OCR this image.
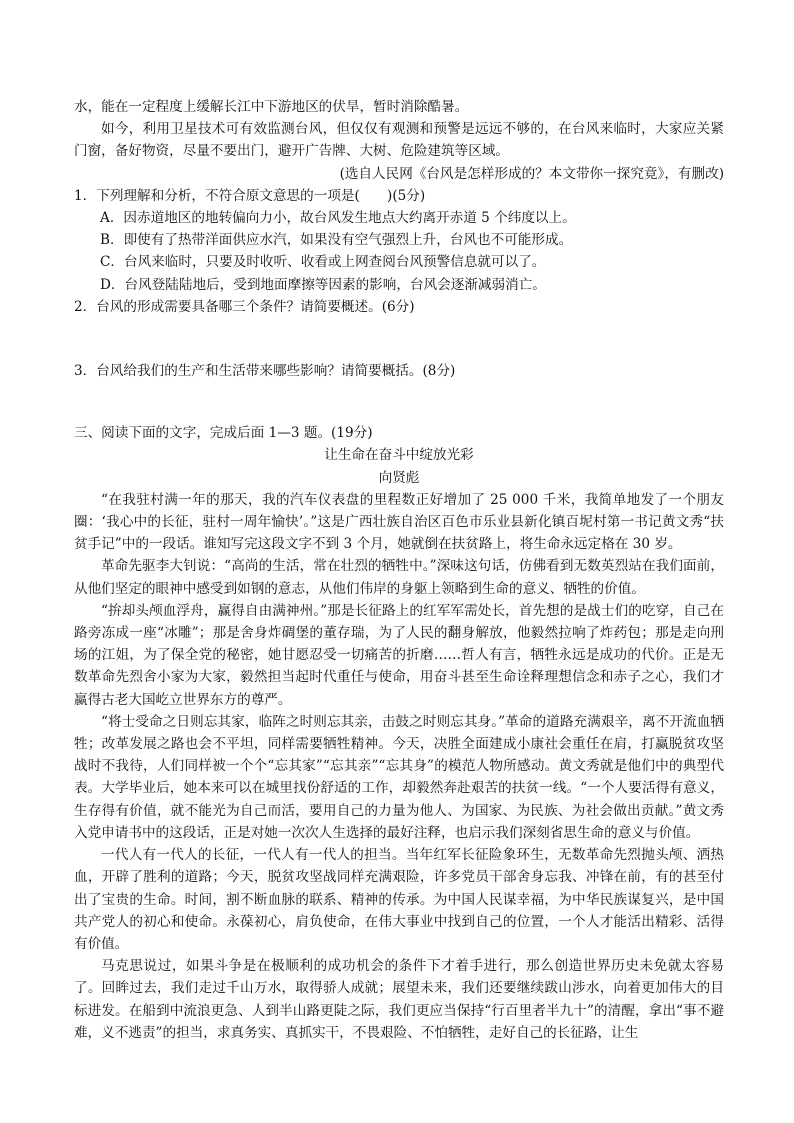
水，能在一定程度上缓解长江中下游地区的伏旱，暂时消除酷暑。

如今，利用卫星技术可有效监测台风，但仅仅有观测和预警是远远不够的，在台风来临时，大家应关紧门窗，备好物资，尽量不要出门，避开广告牌、大树、危险建筑等区域。

(选自人民网《台风是怎样形成的？本文带你一探究竟》，有删改)

1．下列理解和分析，不符合原文意思的一项是(　　)(5分)

A．因赤道地区的地转偏向力小，故台风发生地点大约离开赤道 5 个纬度以上。

B．即使有了热带洋面供应水汽，如果没有空气强烈上升，台风也不可能形成。

C．台风来临时，只要及时收听、收看或上网查阅台风预警信息就可以了。

D．台风登陆陆地后，受到地面摩擦等因素的影响，台风会逐渐减弱消亡。

2．台风的形成需要具备哪三个条件？请简要概述。(6分)

3．台风给我们的生产和生活带来哪些影响？请简要概括。(8分)

三、阅读下面的文字，完成后面 1—3 题。(19分)

让生命在奋斗中绽放光彩

向贤彪

“在我驻村满一年的那天，我的汽车仪表盘的里程数正好增加了 25 000 千米，我简单地发了一个朋友圈：‘我心中的长征，驻村一周年愉快’。”这是广西壮族自治区百色市乐业县新化镇百坭村第一书记黄文秀“扶贫手记”中的一段话。谁知写完这段文字不到 3 个月，她就倒在扶贫路上，将生命永远定格在 30 岁。

革命先驱李大钊说：“高尚的生活，常在壮烈的牺牲中。”深味这句话，仿佛看到无数英烈站在我们面前，从他们坚定的眼神中感受到如钢的意志，从他们伟岸的身躯上领略到生命的意义、牺牲的价值。

“拚却头颅血浮舟，赢得自由满神州。”那是长征路上的红军军需处长，首先想的是战士们的吃穿，自己在路旁冻成一座“冰雕”；那是舍身炸碉堡的董存瑞，为了人民的翻身解放，他毅然拉响了炸药包；那是走向刑场的江姐，为了保全党的秘密，她甘愿忍受一切痛苦的折磨……哲人有言，牺牲永远是成功的代价。正是无数革命先烈舍小家为大家，毅然担当起时代重任与使命，用奋斗甚至生命诠释理想信念和赤子之心，我们才赢得古老大国屹立世界东方的尊严。

“将士受命之日则忘其家，临阵之时则忘其亲，击鼓之时则忘其身。”革命的道路充满艰辛，离不开流血牺牲；改革发展之路也会不平坦，同样需要牺牲精神。今天，决胜全面建成小康社会重任在肩，打赢脱贫攻坚战时不我待，人们同样被一个个“忘其家”“忘其亲”“忘其身”的模范人物所感动。黄文秀就是他们中的典型代表。大学毕业后，她本来可以在城里找份舒适的工作，却毅然奔赴艰苦的扶贫一线。“一个人要活得有意义，生存得有价值，就不能光为自己而活，要用自己的力量为他人、为国家、为民族、为社会做出贡献。”黄文秀入党申请书中的这段话，正是对她一次次人生选择的最好注释，也启示我们深刻省思生命的意义与价值。

一代人有一代人的长征，一代人有一代人的担当。当年红军长征险象环生，无数革命先烈抛头颅、洒热血，开辟了胜利的道路；今天，脱贫攻坚战同样充满艰险，许多党员干部舍身忘我、冲锋在前，有的甚至付出了宝贵的生命。时间，割不断血脉的联系、精神的传承。为中国人民谋幸福，为中华民族谋复兴，是中国共产党人的初心和使命。永葆初心，肩负使命，在伟大事业中找到自己的位置，一个人才能活出精彩、活得有价值。

马克思说过，如果斗争是在极顺利的成功机会的条件下才着手进行，那么创造世界历史未免就太容易了。回眸过去，我们走过千山万水，取得骄人成就；展望未来，我们还要继续跋山涉水，向着更加伟大的目标进发。在船到中流浪更急、人到半山路更陡之际，我们更应当保持“行百里者半九十”的清醒，拿出“事不避难，义不逃责”的担当，求真务实、真抓实干，不畏艰险、不怕牺牲，走好自己的长征路，让生
